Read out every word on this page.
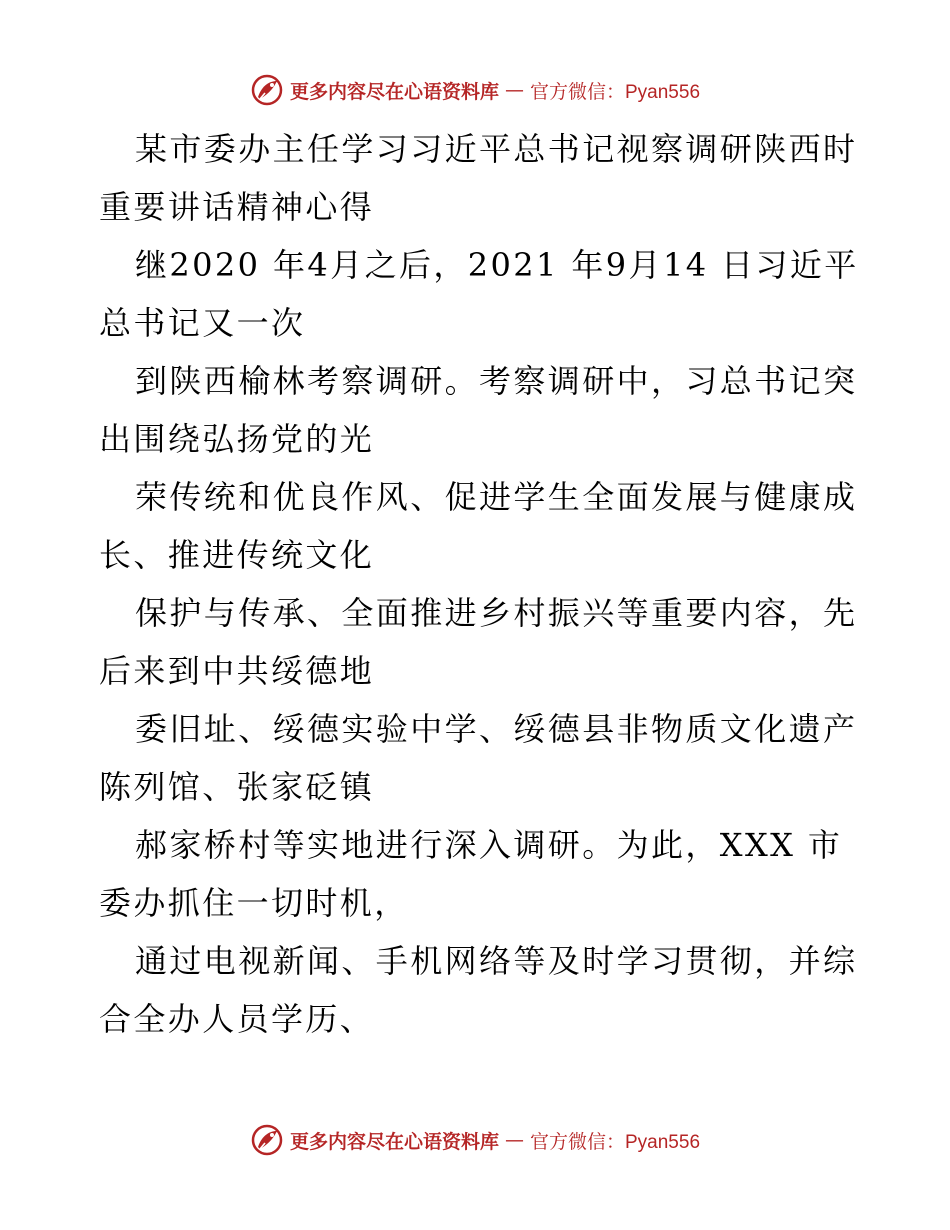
更多内容尽在心语资料库 — 官方微信：Pyan556

某市委办主任学习习近平总书记视察调研陕西时重要讲话精神心得

继2020 年4月之后，2021 年9月14 日习近平总书记又一次

到陕西榆林考察调研。考察调研中，习总书记突出围绕弘扬党的光

荣传统和优良作风、促进学生全面发展与健康成长、推进传统文化

保护与传承、全面推进乡村振兴等重要内容，先后来到中共绥德地

委旧址、绥德实验中学、绥德县非物质文化遗产陈列馆、张家砭镇

郝家桥村等实地进行深入调研。为此，XXX 市委办抓住一切时机，

通过电视新闻、手机网络等及时学习贯彻，并综合全办人员学历、

更多内容尽在心语资料库 — 官方微信：Pyan556
